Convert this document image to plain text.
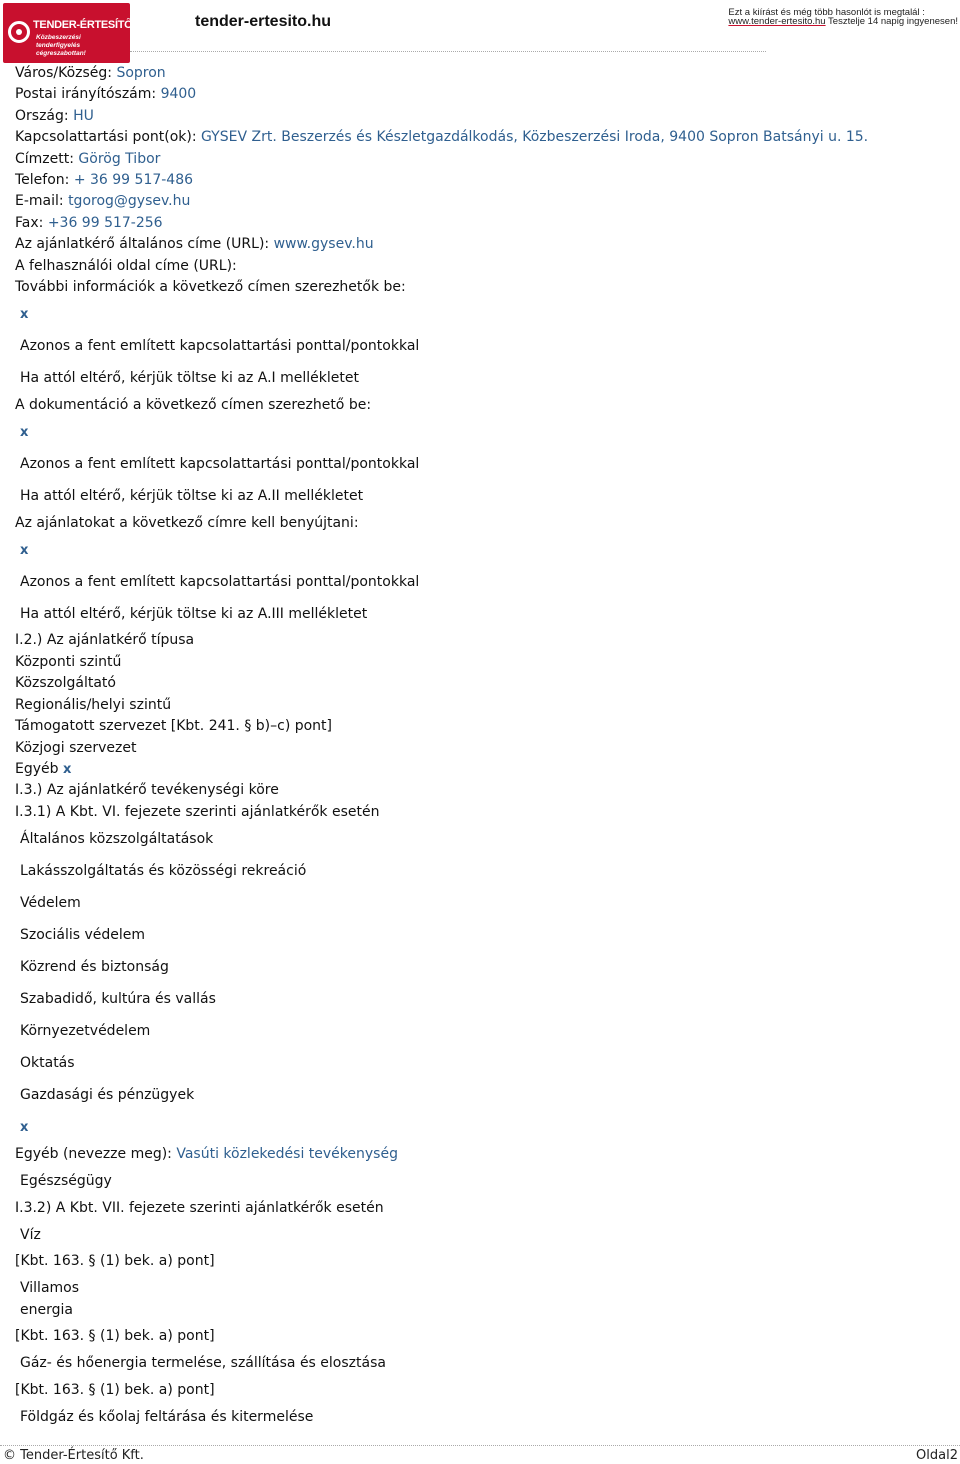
TENDER-ÉRTESÍTŐ.hu
Közbeszerzési tenderfigyelés cégreszabottan!
tender-ertesito.hu
Ezt a kiírást és még több hasonlót is megtalál :
www.tender-ertesito.hu Tesztelje 14 napig ingyenesen!
Város/Község: Sopron
Postai irányítószám: 9400
Ország: HU
Kapcsolattartási pont(ok): GYSEV Zrt. Beszerzés és Készletgazdálkodás, Közbeszerzési Iroda, 9400 Sopron Batsányi u. 15.
Címzett: Görög Tibor
Telefon: + 36 99 517-486
E-mail: tgorog@gysev.hu
Fax: +36 99 517-256
Az ajánlatkérő általános címe (URL): www.gysev.hu
A felhasználói oldal címe (URL):
További információk a következő címen szerezhetők be:
x
Azonos a fent említett kapcsolattartási ponttal/pontokkal
Ha attól eltérő, kérjük töltse ki az A.I mellékletet
A dokumentáció a következő címen szerezhető be:
x
Azonos a fent említett kapcsolattartási ponttal/pontokkal
Ha attól eltérő, kérjük töltse ki az A.II mellékletet
Az ajánlatokat a következő címre kell benyújtani:
x
Azonos a fent említett kapcsolattartási ponttal/pontokkal
Ha attól eltérő, kérjük töltse ki az A.III mellékletet
I.2.) Az ajánlatkérő típusa
Központi szintű
Közszolgáltató
Regionális/helyi szintű
Támogatott szervezet [Kbt. 241. § b)–c) pont]
Közjogi szervezet
Egyéb x
I.3.) Az ajánlatkérő tevékenységi köre
I.3.1) A Kbt. VI. fejezete szerinti ajánlatkérők esetén
Általános közszolgáltatások
Lakásszolgáltatás és közösségi rekreáció
Védelem
Szociális védelem
Közrend és biztonság
Szabadidő, kultúra és vallás
Környezetvédelem
Oktatás
Gazdasági és pénzügyek
x
Egyéb (nevezze meg): Vasúti közlekedési tevékenység
Egészségügy
I.3.2) A Kbt. VII. fejezete szerinti ajánlatkérők esetén
Víz
[Kbt. 163. § (1) bek. a) pont]
Villamos
energia
[Kbt. 163. § (1) bek. a) pont]
Gáz- és hőenergia termelése, szállítása és elosztása
[Kbt. 163. § (1) bek. a) pont]
Földgáz és kőolaj feltárása és kitermelése
© Tender-Értesítő Kft.	Oldal2
